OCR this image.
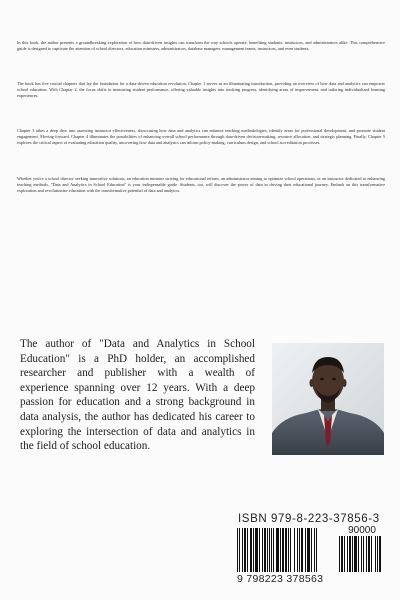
In this book, the author presents a groundbreaking exploration of how data-driven insights can transform the way schools operate, benefiting students, instructors, and administrators alike. This comprehensive guide is designed to captivate the attention of school directors, education ministers, administrators, database managers, management teams, instructors, and even students.

The book has five crucial chapters that lay the foundation for a data-driven education revolution. Chapter 1 serves as an illuminating introduction, providing an overview of how data and analytics can empower school education. With Chapter 2, the focus shifts to measuring student performance, offering valuable insights into tracking progress, identifying areas of improvement, and tailoring individualized learning experiences.

Chapter 3 takes a deep dive into assessing instructor effectiveness, showcasing how data and analytics can enhance teaching methodologies, identify areas for professional development, and promote student engagement. Moving forward, Chapter 4 illuminates the possibilities of enhancing overall school performance through data-driven decision-making, resource allocation, and strategic planning. Finally, Chapter 5 explores the critical aspect of evaluating education quality, uncovering how data and analytics can inform policy-making, curriculum design, and school accreditation processes.

Whether you're a school director seeking innovative solutions, an education minister striving for educational reform, an administrator aiming to optimize school operations, or an instructor dedicated to enhancing teaching methods, "Data and Analytics in School Education" is your indispensable guide. Students, too, will discover the power of data in driving their educational journey. Embark on this transformative exploration and revolutionize education with the transformative potential of data and analytics.

The author of "Data and Analytics in School Education" is a PhD holder, an accomplished researcher and publisher with a wealth of experience spanning over 12 years. With a deep passion for education and a strong background in data analysis, the author has dedicated his career to exploring the intersection of data and analytics in the field of school education.

ISBN 979-8-223-37856-3
90000
9 798223 378563
